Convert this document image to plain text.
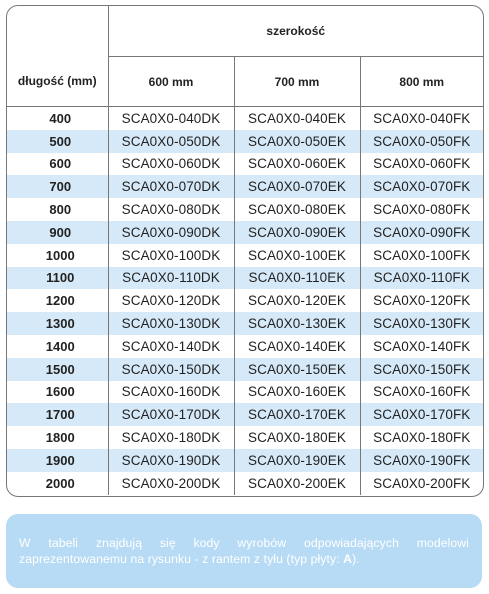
	szerokość		
długość (mm)	600 mm	700 mm	800 mm
400	SCA0X0-040DK	SCA0X0-040EK	SCA0X0-040FK
500	SCA0X0-050DK	SCA0X0-050EK	SCA0X0-050FK
600	SCA0X0-060DK	SCA0X0-060EK	SCA0X0-060FK
700	SCA0X0-070DK	SCA0X0-070EK	SCA0X0-070FK
800	SCA0X0-080DK	SCA0X0-080EK	SCA0X0-080FK
900	SCA0X0-090DK	SCA0X0-090EK	SCA0X0-090FK
1000	SCA0X0-100DK	SCA0X0-100EK	SCA0X0-100FK
1100	SCA0X0-110DK	SCA0X0-110EK	SCA0X0-110FK
1200	SCA0X0-120DK	SCA0X0-120EK	SCA0X0-120FK
1300	SCA0X0-130DK	SCA0X0-130EK	SCA0X0-130FK
1400	SCA0X0-140DK	SCA0X0-140EK	SCA0X0-140FK
1500	SCA0X0-150DK	SCA0X0-150EK	SCA0X0-150FK
1600	SCA0X0-160DK	SCA0X0-160EK	SCA0X0-160FK
1700	SCA0X0-170DK	SCA0X0-170EK	SCA0X0-170FK
1800	SCA0X0-180DK	SCA0X0-180EK	SCA0X0-180FK
1900	SCA0X0-190DK	SCA0X0-190EK	SCA0X0-190FK
2000	SCA0X0-200DK	SCA0X0-200EK	SCA0X0-200FK
W tabeli znajdują się kody wyrobów odpowiadających modelowi zaprezentowanemu na rysunku - z rantem z tyłu (typ płyty: A).
